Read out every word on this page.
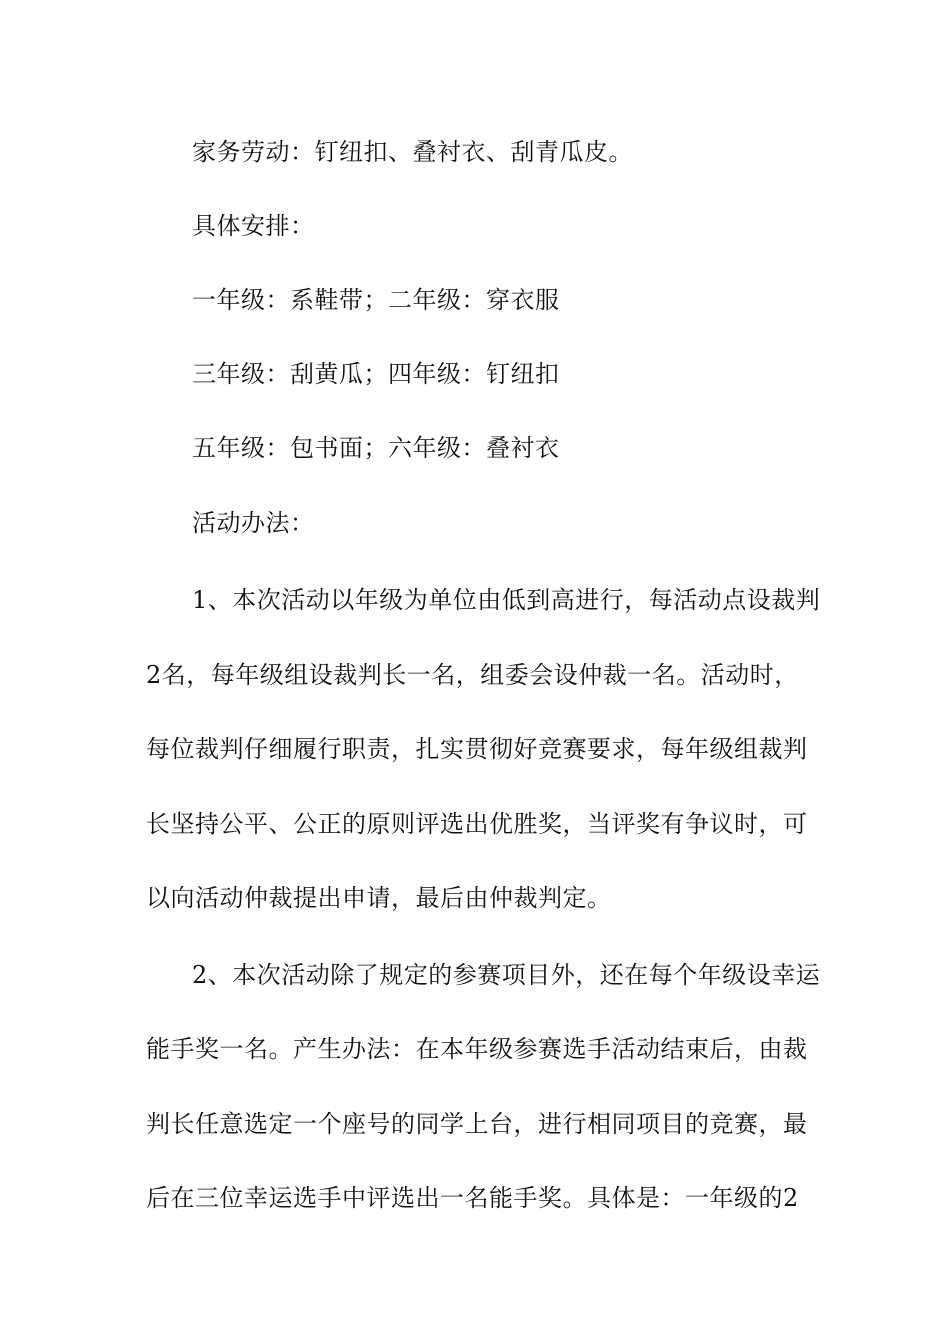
家务劳动：钉纽扣、叠衬衣、刮青瓜皮。
具体安排：
一年级：系鞋带；二年级：穿衣服
三年级：刮黄瓜；四年级：钉纽扣
五年级：包书面；六年级：叠衬衣
活动办法：
1、本次活动以年级为单位由低到高进行，每活动点设裁判
2名，每年级组设裁判长一名，组委会设仲裁一名。活动时，
每位裁判仔细履行职责，扎实贯彻好竞赛要求，每年级组裁判
长坚持公平、公正的原则评选出优胜奖，当评奖有争议时，可
以向活动仲裁提出申请，最后由仲裁判定。
2、本次活动除了规定的参赛项目外，还在每个年级设幸运
能手奖一名。产生办法：在本年级参赛选手活动结束后，由裁
判长任意选定一个座号的同学上台，进行相同项目的竞赛，最
后在三位幸运选手中评选出一名能手奖。具体是：一年级的2
